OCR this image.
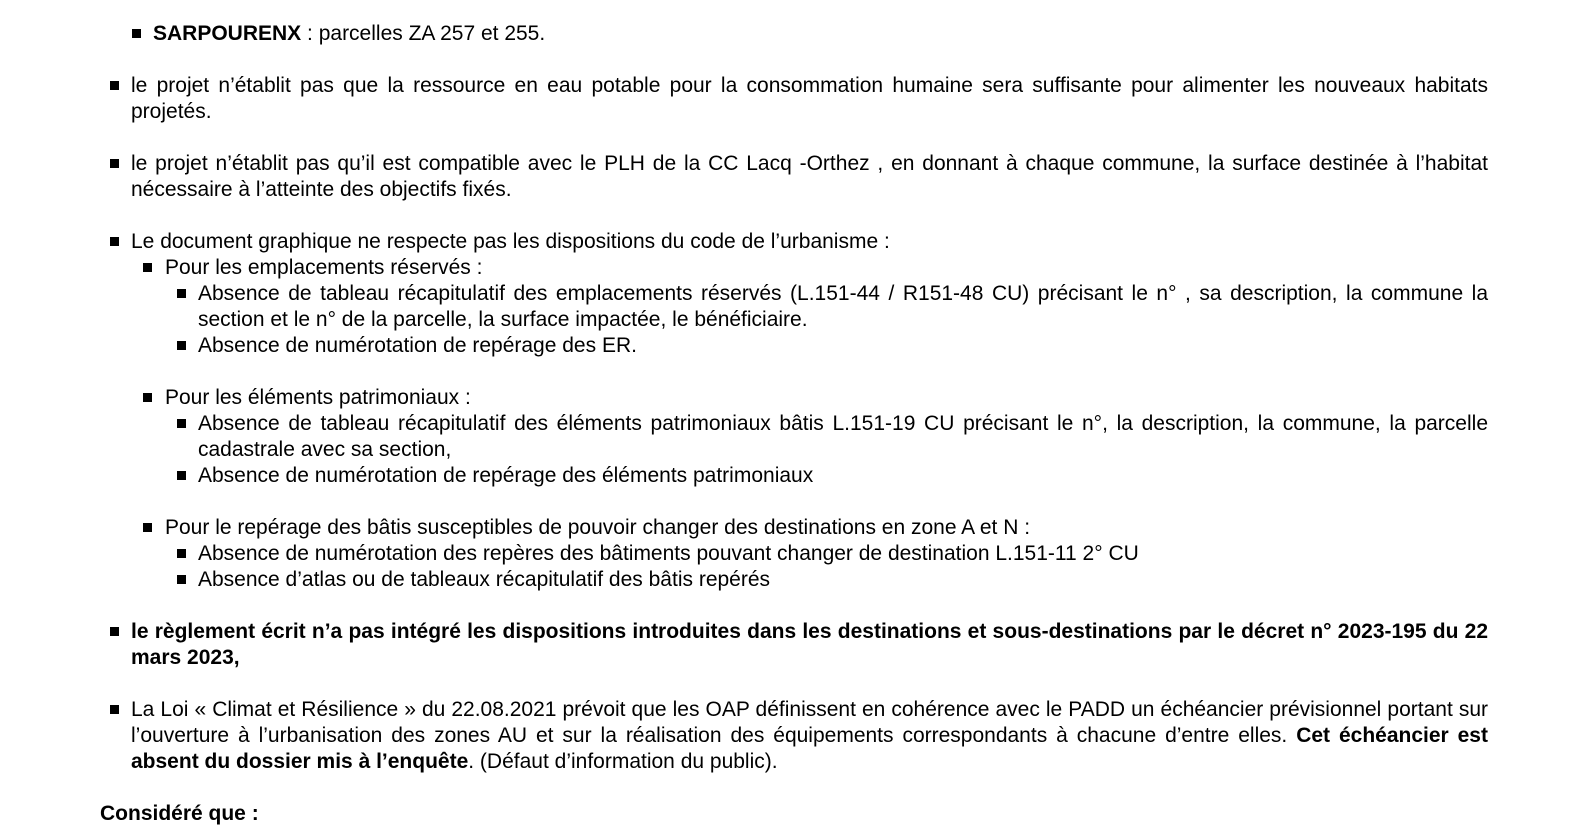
SARPOURENX : parcelles ZA 257 et 255.
le projet n’établit pas que la ressource en eau potable pour la consommation humaine sera suffisante pour alimenter les nouveaux habitats projetés.
le projet n’établit pas qu’il est compatible avec le PLH de la CC Lacq -Orthez , en donnant à chaque commune, la surface destinée à l’habitat nécessaire à l’atteinte des objectifs fixés.
Le document graphique ne respecte pas les dispositions du code de l’urbanisme :
Pour les emplacements réservés :
Absence de tableau récapitulatif des emplacements réservés (L.151-44 / R151-48 CU) précisant le n° , sa description, la commune la section et le n° de la parcelle, la surface impactée, le bénéficiaire.
Absence de numérotation de repérage des ER.
Pour les éléments patrimoniaux :
Absence de tableau récapitulatif des éléments patrimoniaux bâtis L.151-19 CU précisant le n°, la description, la commune, la parcelle cadastrale avec sa section,
Absence de numérotation de repérage des éléments patrimoniaux
Pour le repérage des bâtis susceptibles de pouvoir changer des destinations en zone A et N :
Absence de numérotation des repères des bâtiments pouvant changer de destination L.151-11 2° CU
Absence d’atlas ou de tableaux récapitulatif des bâtis repérés
le règlement écrit n’a pas intégré les dispositions introduites dans les destinations et sous-destinations par le décret n° 2023-195 du 22 mars 2023,
La Loi « Climat et Résilience » du 22.08.2021 prévoit que les OAP définissent en cohérence avec le PADD un échéancier prévisionnel portant sur l’ouverture à l’urbanisation des zones AU et sur la réalisation des équipements correspondants à chacune d’entre elles. Cet échéancier est absent du dossier mis à l’enquête. (Défaut d’information du public).
Considéré que :
